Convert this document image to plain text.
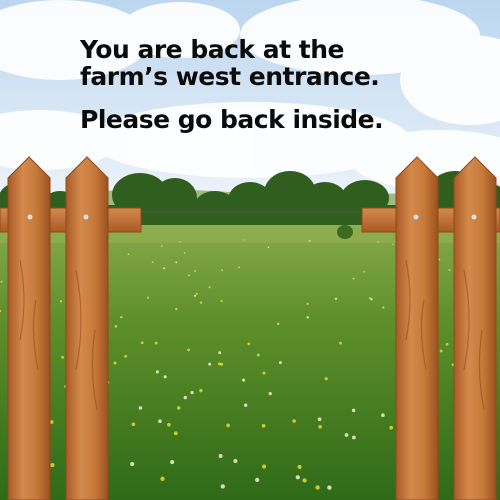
You are back at the
farm’s west entrance.
Please go back inside.
